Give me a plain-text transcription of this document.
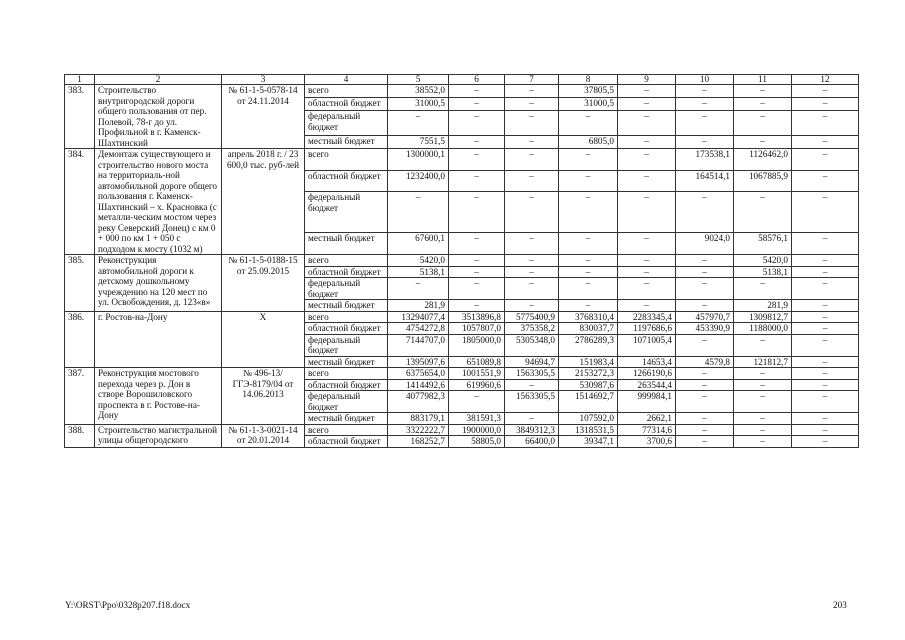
1	2	3	4	5	6	7	8	9	10	11	12
383.	Строительство внутригородской дороги общего пользования от пер. Полевой, 78-г до ул. Профильной в г. Каменск-Шахтинский	№ 61-1-5-0578-14 от 24.11.2014	всего	38552,0	–	–	37805,5	–	–	–	–
			областной бюджет	31000,5	–	–	31000,5	–	–	–	–
			федеральный бюджет	–	–	–	–	–	–	–	–
			местный бюджет	7551,5	–	–	6805,0	–	–	–	–
384.	Демонтаж существующего и строительство нового моста на территориаль-ной автомобильной дороге общего пользования г. Каменск-Шахтинский – х. Красновка (с металли-ческим мостом через реку Северский Донец) с км 0 + 000 по км 1 + 050 с подходом к мосту (1032 м)	апрель 2018 г. / 23 600,0 тыс. руб-лей	всего	1300000,1	–	–	–	–	173538,1	1126462,0	–
			областной бюджет	1232400,0	–	–	–	–	164514,1	1067885,9	–
			федеральный бюджет	–	–	–	–	–	–	–	–
			местный бюджет	67600,1	–	–	–	–	9024,0	58576,1	–
385.	Реконструкция автомобильной дороги к детскому дошкольному учреждению на 120 мест по ул. Освобождения, д. 123«в»	№ 61-1-5-0188-15 от 25.09.2015	всего	5420,0	–	–	–	–	–	5420,0	–
			областной бюджет	5138,1	–	–	–	–	–	5138,1	–
			федеральный бюджет	–	–	–	–	–	–	–	–
			местный бюджет	281,9	–	–	–	–	–	281,9	–
386.	г. Ростов-на-Дону	Х	всего	13294077,4	3513896,8	5775400,9	3768310,4	2283345,4	457970,7	1309812,7	–
			областной бюджет	4754272,8	1057807,0	375358,2	830037,7	1197686,6	453390,9	1188000,0	–
			федеральный бюджет	7144707,0	1805000,0	5305348,0	2786289,3	1071005,4	–	–	–
			местный бюджет	1395097,6	651089,8	94694,7	151983,4	14653,4	4579,8	121812,7	–
387.	Реконструкция мостового перехода через р. Дон в створе Ворошиловского проспекта в г. Ростове-на-Дону	№ 496-13/ ГГЭ-8179/04 от 14.06.2013	всего	6375654,0	1001551,9	1563305,5	2153272,3	1266190,6	–	–	–
			областной бюджет	1414492,6	619960,6	–	530987,6	263544,4	–	–	–
			федеральный бюджет	4077982,3	–	1563305,5	1514692,7	999984,1	–	–	–
			местный бюджет	883179,1	381591,3	–	107592,0	2662,1	–	–	–
388.	Строительство магистральной улицы общегородского	№ 61-1-3-0021-14 от 20.01.2014	всего	3322222,7	1900000,0	3849312,3	1318531,5	77314,6	–	–	–
			областной бюджет	168252,7	58805,0	66400,0	39347,1	3700,6	–	–	–
Y:\ORST\Ppo\0328p207.f18.docx	203
